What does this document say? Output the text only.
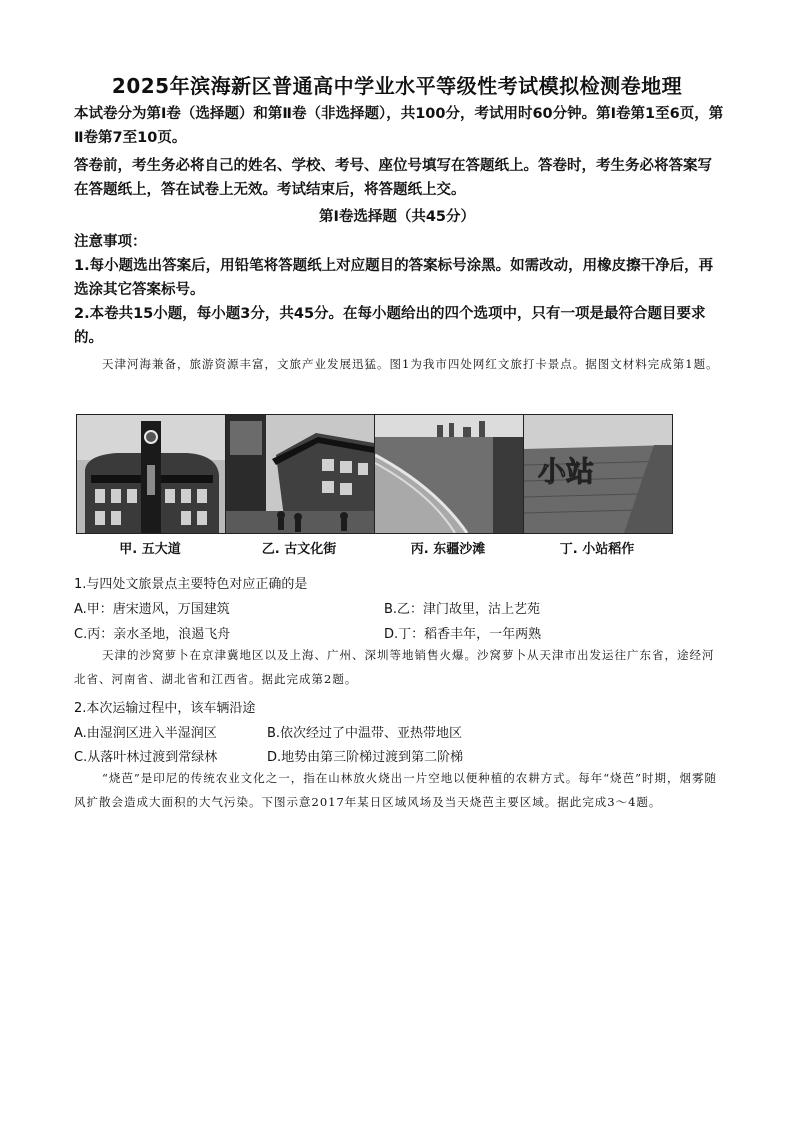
2025年滨海新区普通高中学业水平等级性考试模拟检测卷地理

本试卷分为第Ⅰ卷（选择题）和第Ⅱ卷（非选择题），共100分，考试用时60分钟。第Ⅰ卷第1至6页，第Ⅱ卷第7至10页。

答卷前，考生务必将自己的姓名、学校、考号、座位号填写在答题纸上。答卷时，考生务必将答案写在答题纸上，答在试卷上无效。考试结束后，将答题纸上交。

第Ⅰ卷选择题（共45分）

注意事项：

1.每小题选出答案后，用铅笔将答题纸上对应题目的答案标号涂黑。如需改动，用橡皮擦干净后，再选涂其它答案标号。

2.本卷共15小题，每小题3分，共45分。在每小题给出的四个选项中，只有一项是最符合题目要求的。

天津河海兼备，旅游资源丰富，文旅产业发展迅猛。图1为我市四处网红文旅打卡景点。据图文材料完成第1题。

小站
甲. 五大道	乙. 古文化街	丙. 东疆沙滩	丁. 小站稻作
1.与四处文旅景点主要特色对应正确的是
A.甲：唐宋遗风，万国建筑	B.乙：津门故里，沽上艺苑
C.丙：亲水圣地，浪遏飞舟	D.丁：稻香丰年，一年两熟

天津的沙窝萝卜在京津冀地区以及上海、广州、深圳等地销售火爆。沙窝萝卜从天津市出发运往广东省，途经河北省、河南省、湖北省和江西省。据此完成第2题。

2.本次运输过程中，该车辆沿途
A.由湿润区进入半湿润区	B.依次经过了中温带、亚热带地区
C.从落叶林过渡到常绿林	D.地势由第三阶梯过渡到第二阶梯

“烧芭”是印尼的传统农业文化之一，指在山林放火烧出一片空地以便种植的农耕方式。每年“烧芭”时期，烟雾随风扩散会造成大面积的大气污染。下图示意2017年某日区域风场及当天烧芭主要区域。据此完成3～4题。
